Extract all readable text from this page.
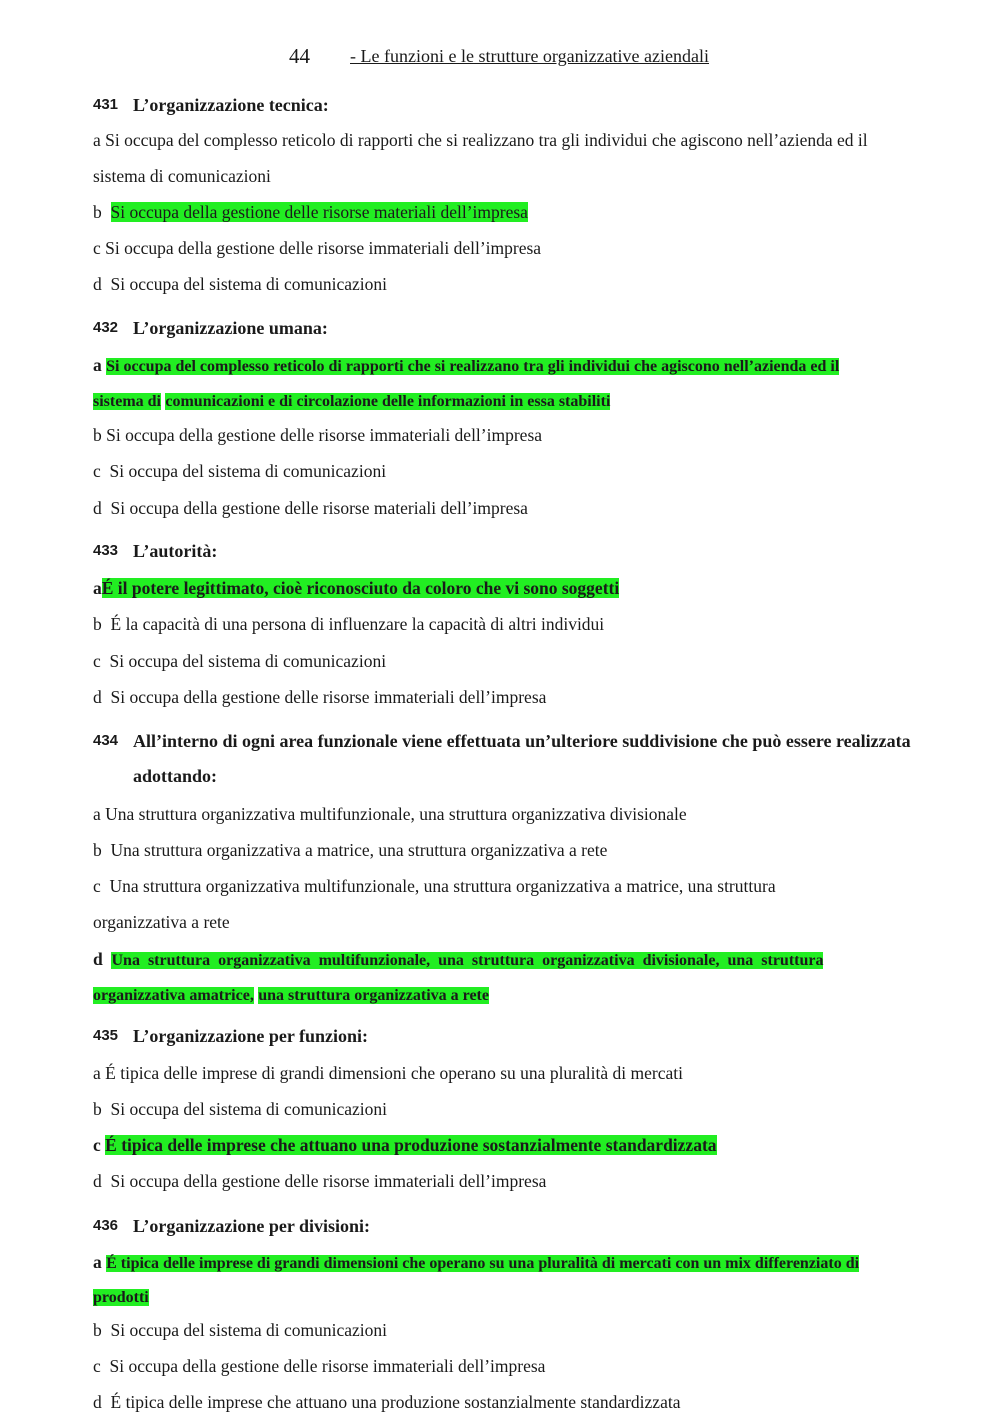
44 - Le funzioni e le strutture organizzative aziendali
431 L’organizzazione tecnica:
a Si occupa del complesso reticolo di rapporti che si realizzano tra gli individui che agiscono nell’azienda ed il
sistema di comunicazioni
b Si occupa della gestione delle risorse materiali dell’impresa
c Si occupa della gestione delle risorse immateriali dell’impresa
d Si occupa del sistema di comunicazioni
432 L’organizzazione umana:
a Si occupa del complesso reticolo di rapporti che si realizzano tra gli individui che agiscono nell’azienda ed il
sistema di comunicazioni e di circolazione delle informazioni in essa stabiliti
b Si occupa della gestione delle risorse immateriali dell’impresa
c Si occupa del sistema di comunicazioni
d Si occupa della gestione delle risorse materiali dell’impresa
433 L’autorità:
aÉ il potere legittimato, cioè riconosciuto da coloro che vi sono soggetti
b É la capacità di una persona di influenzare la capacità di altri individui
c Si occupa del sistema di comunicazioni
d Si occupa della gestione delle risorse immateriali dell’impresa
434 All’interno di ogni area funzionale viene effettuata un’ulteriore suddivisione che può essere realizzata
adottando:
a Una struttura organizzativa multifunzionale, una struttura organizzativa divisionale
b Una struttura organizzativa a matrice, una struttura organizzativa a rete
c Una struttura organizzativa multifunzionale, una struttura organizzativa a matrice, una struttura
organizzativa a rete
d Una struttura organizzativa multifunzionale, una struttura organizzativa divisionale, una struttura
organizzativa amatrice, una struttura organizzativa a rete
435 L’organizzazione per funzioni:
a É tipica delle imprese di grandi dimensioni che operano su una pluralità di mercati
b Si occupa del sistema di comunicazioni
c É tipica delle imprese che attuano una produzione sostanzialmente standardizzata
d Si occupa della gestione delle risorse immateriali dell’impresa
436 L’organizzazione per divisioni:
a É tipica delle imprese di grandi dimensioni che operano su una pluralità di mercati con un mix differenziato di
prodotti
b Si occupa del sistema di comunicazioni
c Si occupa della gestione delle risorse immateriali dell’impresa
d É tipica delle imprese che attuano una produzione sostanzialmente standardizzata
